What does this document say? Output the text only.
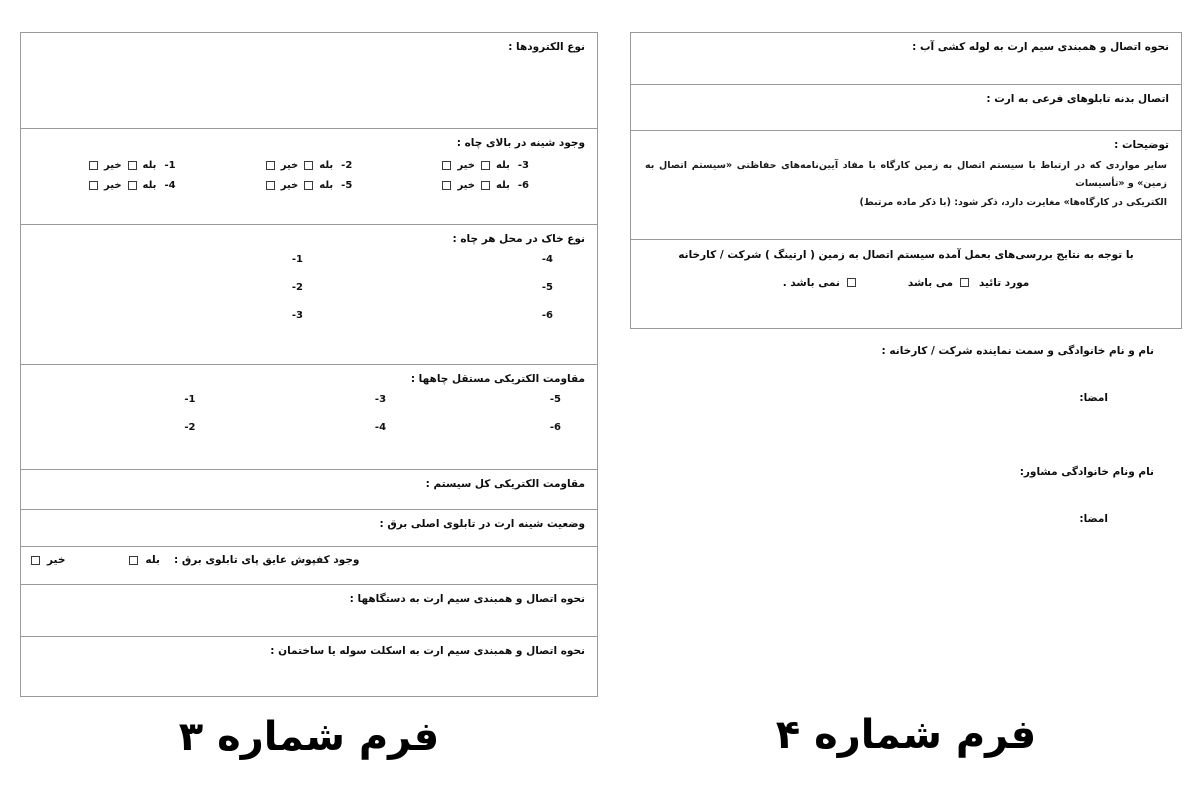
نوع الکترودها :
وجود شینه در بالای چاه :
3-
بله
خیر
2-
بله
خیر
1-
بله
خیر
6-
بله
خیر
5-
بله
خیر
4-
بله
خیر
نوع خاک در محل هر چاه :
4-
5-
6-
1-
2-
3-
مقاومت الکتریکی مستقل چاهها :
5-
6-
3-
4-
1-
2-
مقاومت الکتریکی کل سیستم :
وضعیت شینه ارت در تابلوی اصلی برق :
وجود کفپوش عایق پای تابلوی برق :
بله
خیر
نحوه اتصال و همبندی سیم ارت به دستگاهها :
نحوه اتصال و همبندی سیم ارت به اسکلت سوله یا ساختمان :
فرم شماره ۳
نحوه اتصال و همبندی سیم ارت به لوله کشی آب :
اتصال بدنه تابلوهای فرعی به ارت :
توضیحات :
سایر مواردی که در ارتباط با سیستم اتصال به زمین کارگاه با مفاد آیین‌نامه‌های حفاظتی «سیستم اتصال به زمین» و «تأسیسات
الکتریکی در کارگاه‌ها» مغایرت دارد، ذکر شود: (با ذکر ماده مرتبط)
با توجه به نتایج بررسی‌های بعمل آمده سیستم اتصال به زمین ( ارتینگ ) شرکت / کارخانه
مورد تائید
می باشد
نمی باشد .
نام و نام خانوادگی و سمت نماینده شرکت / کارخانه :
امضا:
نام ونام خانوادگی مشاور:
امضا:
فرم شماره ۴
